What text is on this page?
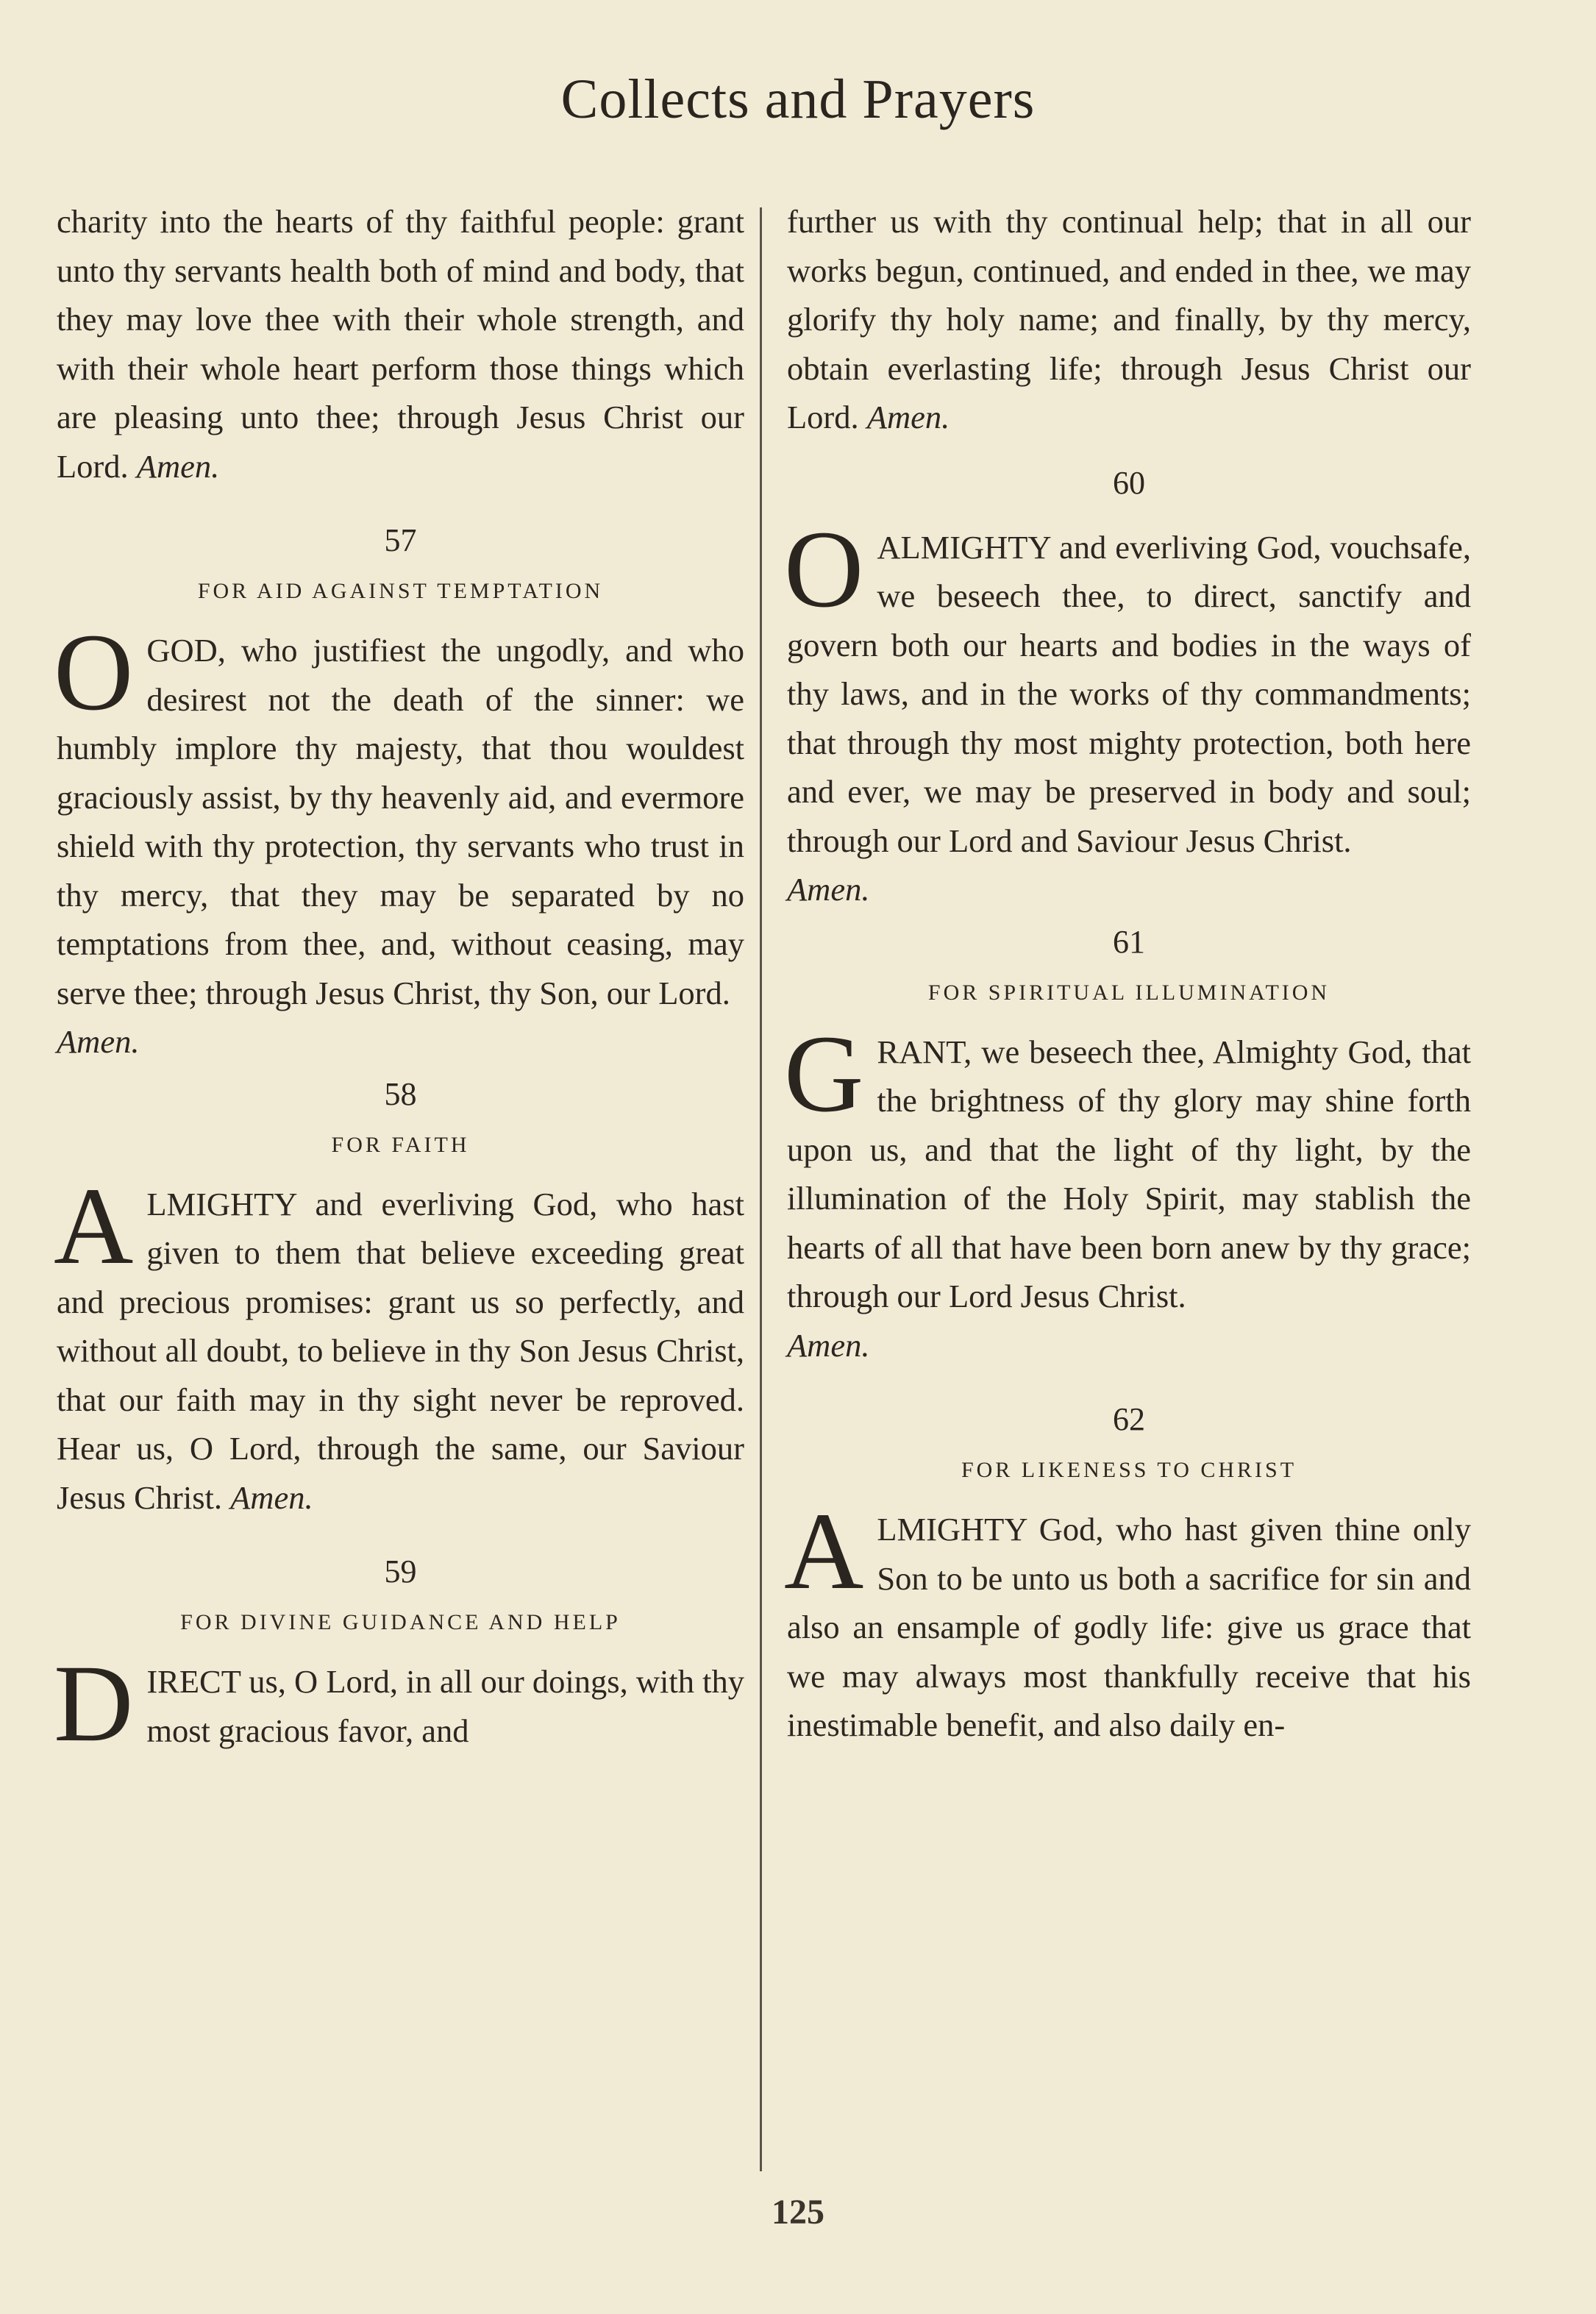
Collects and Prayers

charity into the hearts of thy faithful people: grant unto thy servants health both of mind and body, that they may love thee with their whole strength, and with their whole heart perform those things which are pleasing unto thee; through Jesus Christ our Lord. Amen.

57
FOR AID AGAINST TEMPTATION

OGOD, who justifiest the ungodly, and who desirest not the death of the sinner: we humbly implore thy majesty, that thou wouldest graciously assist, by thy heavenly aid, and evermore shield with thy protection, thy servants who trust in thy mercy, that they may be separated by no temptations from thee, and, without ceasing, may serve thee; through Jesus Christ, thy Son, our Lord.
Amen.

58
FOR FAITH

ALMIGHTY and everliving God, who hast given to them that believe exceeding great and precious promises: grant us so perfectly, and without all doubt, to believe in thy Son Jesus Christ, that our faith may in thy sight never be reproved. Hear us, O Lord, through the same, our Saviour Jesus Christ. Amen.

59
FOR DIVINE GUIDANCE AND HELP

DIRECT us, O Lord, in all our doings, with thy most gracious favor, and

further us with thy continual help; that in all our works begun, continued, and ended in thee, we may glorify thy holy name; and finally, by thy mercy, obtain everlasting life; through Jesus Christ our Lord. Amen.

60

OALMIGHTY and everliving God, vouchsafe, we beseech thee, to direct, sanctify and govern both our hearts and bodies in the ways of thy laws, and in the works of thy commandments; that through thy most mighty protection, both here and ever, we may be preserved in body and soul; through our Lord and Saviour Jesus Christ.
Amen.

61
FOR SPIRITUAL ILLUMINATION

GRANT, we beseech thee, Almighty God, that the brightness of thy glory may shine forth upon us, and that the light of thy light, by the illumination of the Holy Spirit, may stablish the hearts of all that have been born anew by thy grace; through our Lord Jesus Christ.
Amen.

62
FOR LIKENESS TO CHRIST

ALMIGHTY God, who hast given thine only Son to be unto us both a sacrifice for sin and also an ensample of godly life: give us grace that we may always most thankfully receive that his inestimable benefit, and also daily en-

125
